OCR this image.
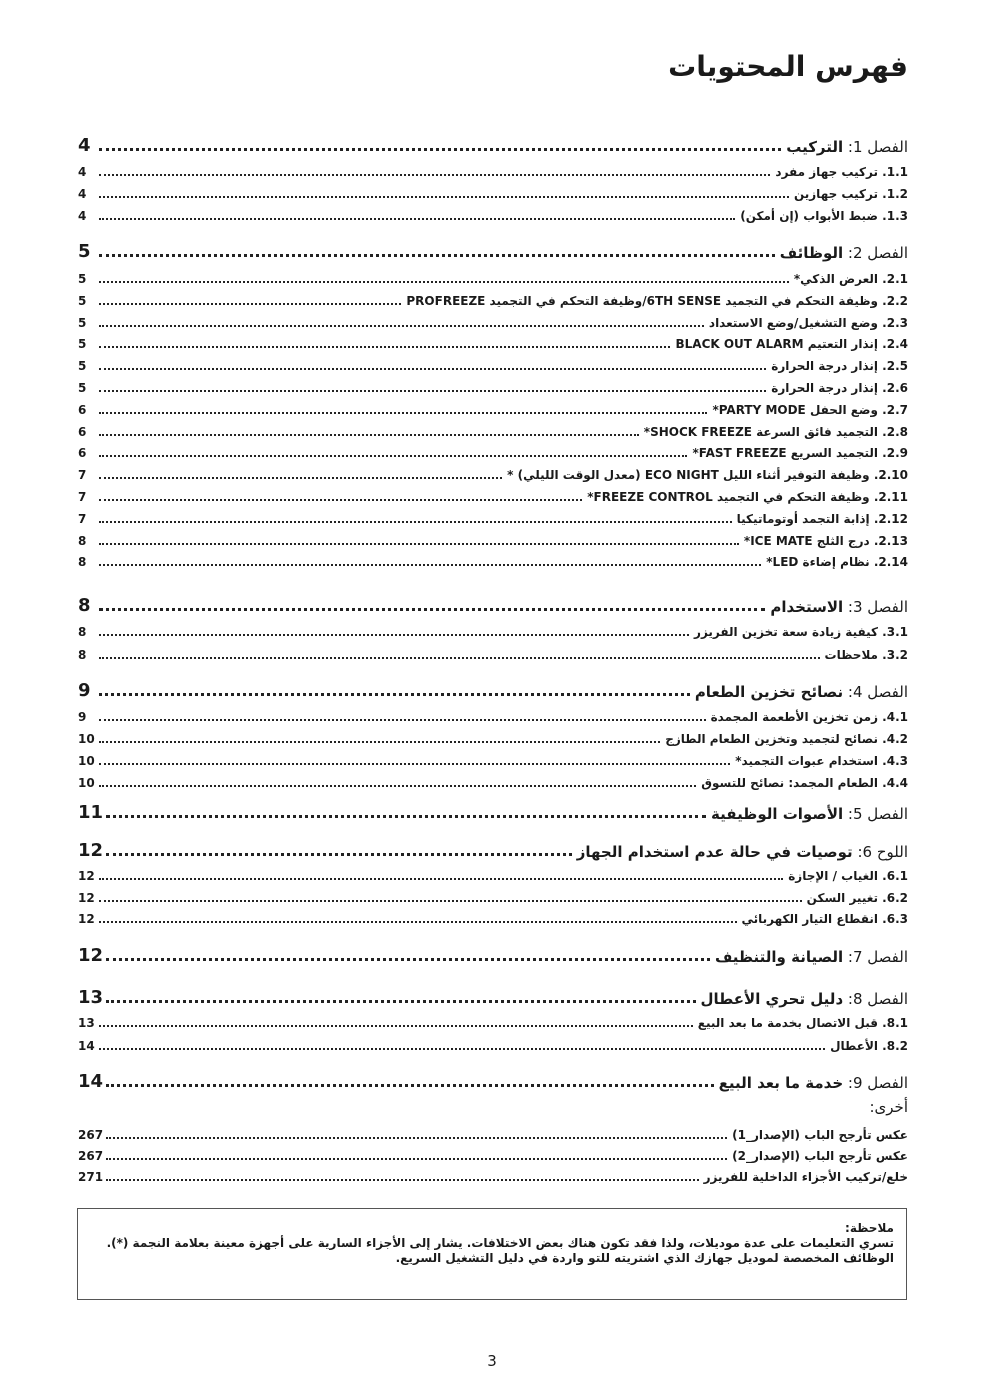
فهرس المحتويات
الفصل 1: التركيب
4
1.1. تركيب جهاز مفرد
4
1.2. تركيب جهازين
4
1.3. ضبط الأبواب (إن أمكن)
4
الفصل 2: الوظائف
5
2.1. العرض الذكي*
5
2.2. وظيفة التحكم في التجميد 6TH SENSE/وظيفة التحكم في التجميد PROFREEZE
5
2.3. وضع التشغيل/وضع الاستعداد
5
2.4. إنذار التعتيم BLACK OUT ALARM
5
2.5. إنذار درجة الحرارة
5
2.6. إنذار درجة الحرارة
5
2.7. وضع الحفل PARTY MODE*
6
2.8. التجميد فائق السرعة SHOCK FREEZE*
6
2.9. التجميد السريع FAST FREEZE*
6
2.10. وظيفة التوفير أثناء الليل ECO NIGHT (معدل الوقت الليلي) *
7
2.11. وظيفة التحكم في التجميد FREEZE CONTROL*
7
2.12. إذابة التجمد أوتوماتيكيا
7
2.13. درج الثلج ICE MATE*
8
2.14. نظام إضاءة LED*
8
الفصل 3: الاستخدام
8
3.1. كيفية زيادة سعة تخزين الفريزر
8
3.2. ملاحظات
8
الفصل 4: نصائح تخزين الطعام
9
4.1. زمن تخزين الأطعمة المجمدة
9
4.2. نصائح لتجميد وتخزين الطعام الطازج
10
4.3. استخدام عبوات التجميد*
10
4.4. الطعام المجمد: نصائح للتسوق
10
الفصل 5: الأصوات الوظيفية
11
اللوح 6: توصيات في حالة عدم استخدام الجهاز
12
6.1. الغياب / الإجازة
12
6.2. تغيير السكن
12
6.3. انقطاع التيار الكهربائي
12
الفصل 7: الصيانة والتنظيف
12
الفصل 8: دليل تحري الأعطال
13
8.1. قبل الاتصال بخدمة ما بعد البيع
13
8.2. الأعطال
14
الفصل 9: خدمة ما بعد البيع
14
أخرى:
عكس تأرجح الباب (الإصدار_1)
267
عكس تأرجح الباب (الإصدار_2)
267
خلع/تركيب الأجزاء الداخلية للفريزر
271
ملاحظة:
تسري التعليمات على عدة موديلات، ولذا فقد تكون هناك بعض الاختلافات. يشار إلى الأجزاء السارية على أجهزة معينة بعلامة النجمة (*).
الوظائف المخصصة لموديل جهازك الذي اشتريته للتو واردة في دليل التشغيل السريع.
3
